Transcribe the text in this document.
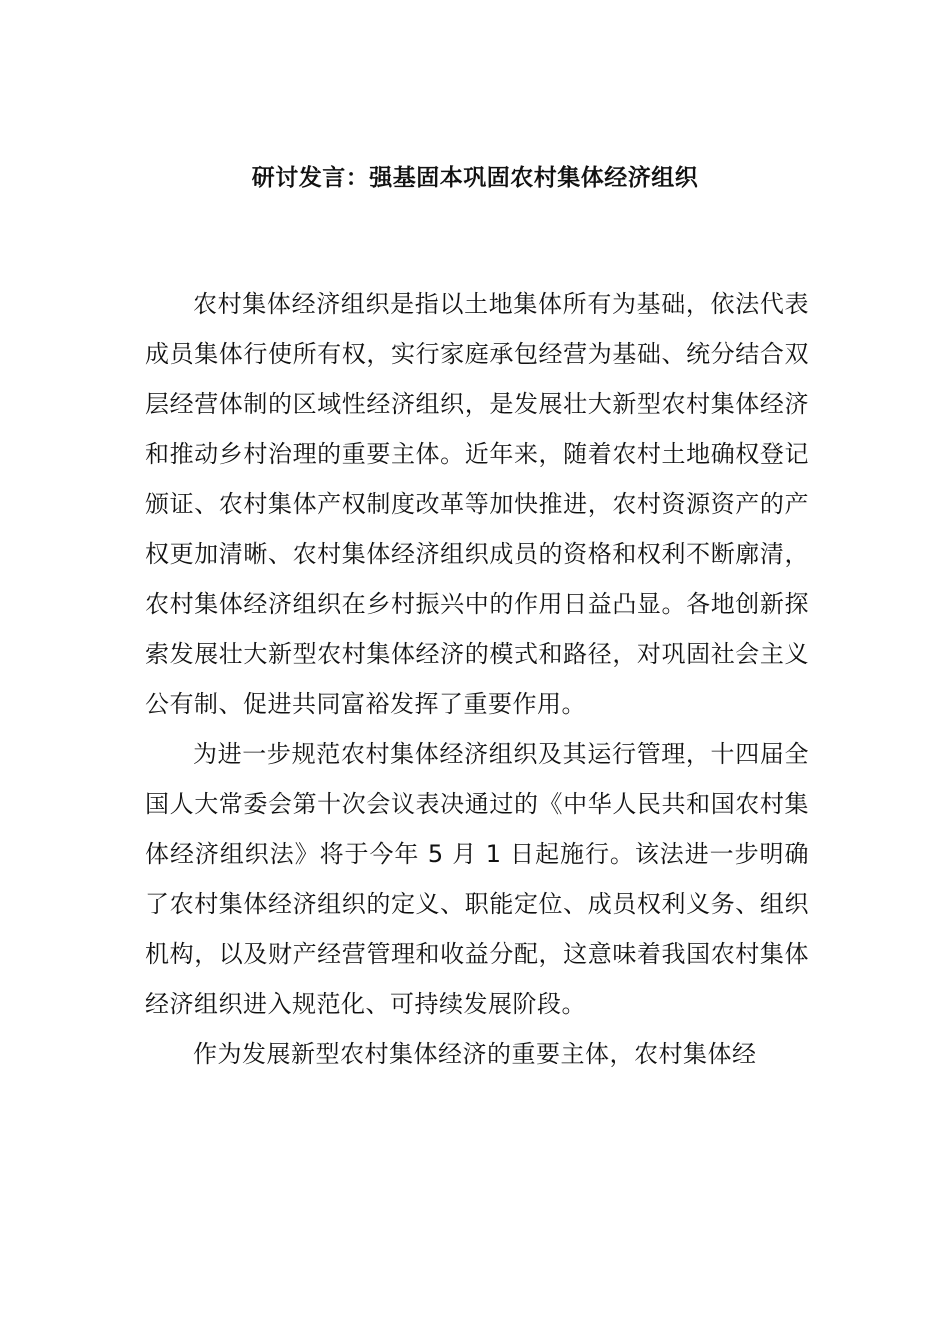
研讨发言：强基固本巩固农村集体经济组织

农村集体经济组织是指以土地集体所有为基础，依法代表成员集体行使所有权，实行家庭承包经营为基础、统分结合双层经营体制的区域性经济组织，是发展壮大新型农村集体经济和推动乡村治理的重要主体。近年来，随着农村土地确权登记颁证、农村集体产权制度改革等加快推进，农村资源资产的产权更加清晰、农村集体经济组织成员的资格和权利不断廓清，农村集体经济组织在乡村振兴中的作用日益凸显。各地创新探索发展壮大新型农村集体经济的模式和路径，对巩固社会主义公有制、促进共同富裕发挥了重要作用。

为进一步规范农村集体经济组织及其运行管理，十四届全国人大常委会第十次会议表决通过的《中华人民共和国农村集体经济组织法》将于今年 5 月 1 日起施行。该法进一步明确了农村集体经济组织的定义、职能定位、成员权利义务、组织机构，以及财产经营管理和收益分配，这意味着我国农村集体经济组织进入规范化、可持续发展阶段。

作为发展新型农村集体经济的重要主体，农村集体经
